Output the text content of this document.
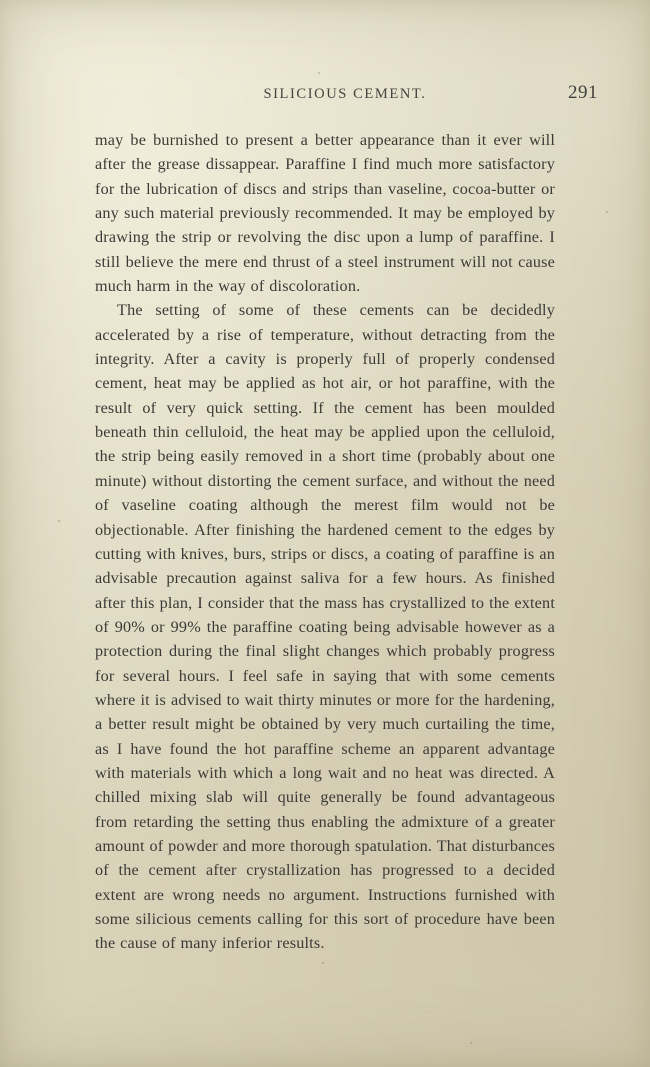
SILICIOUS CEMENT.	291

may be burnished to present a better appearance than it ever will after the grease dissappear. Paraffine I find much more satisfactory for the lubrication of discs and strips than vaseline, cocoa-butter or any such material previously recommended. It may be employed by drawing the strip or revolving the disc upon a lump of paraffine. I still believe the mere end thrust of a steel instrument will not cause much harm in the way of discoloration.

The setting of some of these cements can be decidedly accelerated by a rise of temperature, without detracting from the integrity. After a cavity is properly full of properly condensed cement, heat may be applied as hot air, or hot paraffine, with the result of very quick setting. If the cement has been moulded beneath thin celluloid, the heat may be applied upon the celluloid, the strip being easily removed in a short time (probably about one minute) without distorting the cement surface, and without the need of vaseline coating although the merest film would not be objectionable. After finishing the hardened cement to the edges by cutting with knives, burs, strips or discs, a coating of paraffine is an advisable precaution against saliva for a few hours. As finished after this plan, I consider that the mass has crystallized to the extent of 90% or 99% the paraffine coating being advisable however as a protection during the final slight changes which probably progress for several hours. I feel safe in saying that with some cements where it is advised to wait thirty minutes or more for the hardening, a better result might be obtained by very much curtailing the time, as I have found the hot paraffine scheme an apparent advantage with materials with which a long wait and no heat was directed. A chilled mixing slab will quite generally be found advantageous from retarding the setting thus enabling the admixture of a greater amount of powder and more thorough spatulation. That disturbances of the cement after crystallization has progressed to a decided extent are wrong needs no argument. Instructions furnished with some silicious cements calling for this sort of procedure have been the cause of many inferior results.
